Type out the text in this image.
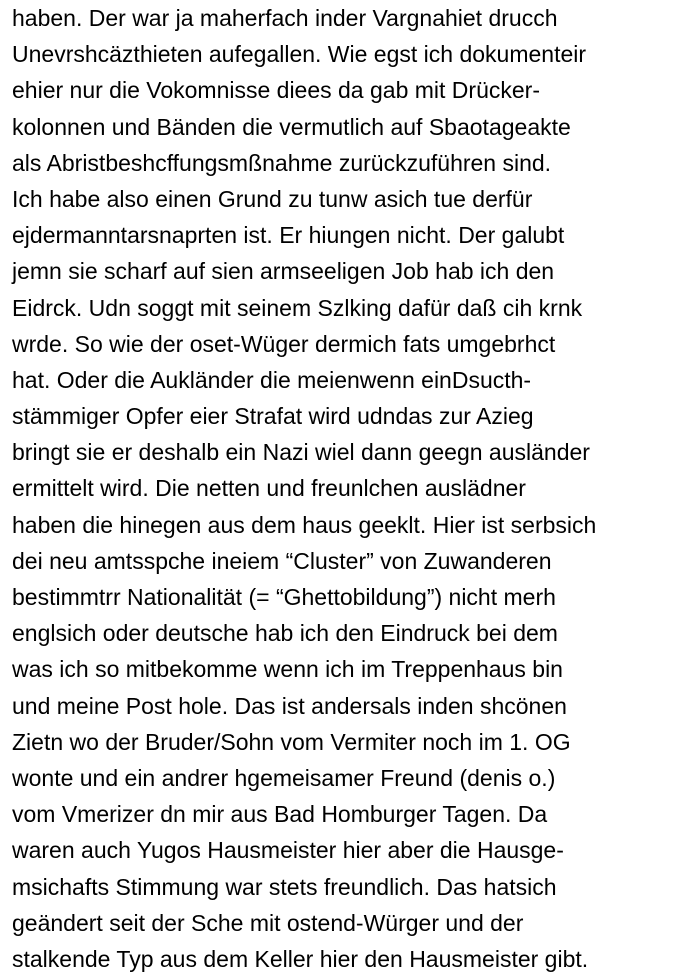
haben. Der war ja maherfach inder Vargnahiet drucch
Unevrshcäzthieten aufegallen. Wie egst ich dokumenteir
ehier nur die Vokomnisse diees da gab mit Drücker-
kolonnen und Bänden die vermutlich auf Sbaotageakte
als Abristbeshcffungsmßnahme zurückzuführen sind.
Ich habe also einen Grund zu tunw asich tue derfür
ejdermanntarsnaprten ist. Er hiungen nicht. Der galubt
jemn sie scharf auf sien armseeligen Job hab ich den
Eidrck. Udn soggt mit seinem Szlking dafür daß cih krnk
wrde. So wie der oset-Wüger dermich fats umgebrhct
hat. Oder die Aukländer die meienwenn einDsucth-
stämmiger Opfer eier Strafat wird udndas zur Azieg
bringt sie er deshalb ein Nazi wiel dann geegn ausländer
ermittelt wird. Die netten und freunlchen auslädner
haben die hinegen aus dem haus geeklt. Hier ist serbsich
dei neu amtsspche ineiem “Cluster” von Zuwanderen
bestimmtrr Nationalität (= “Ghettobildung”) nicht merh
englsich oder deutsche hab ich den Eindruck bei dem
was ich so mitbekomme wenn ich im Treppenhaus bin
und meine Post hole. Das ist andersals inden shcönen
Zietn wo der Bruder/Sohn vom Vermiter noch im 1. OG
wonte und ein andrer hgemeisamer Freund (denis o.)
vom Vmerizer dn mir aus Bad Homburger Tagen. Da
waren auch Yugos Hausmeister hier aber die Hausge-
msichafts Stimmung war stets freundlich. Das hatsich
geändert seit der Sche mit ostend-Würger und der
stalkende Typ aus dem Keller hier den Hausmeister gibt.
